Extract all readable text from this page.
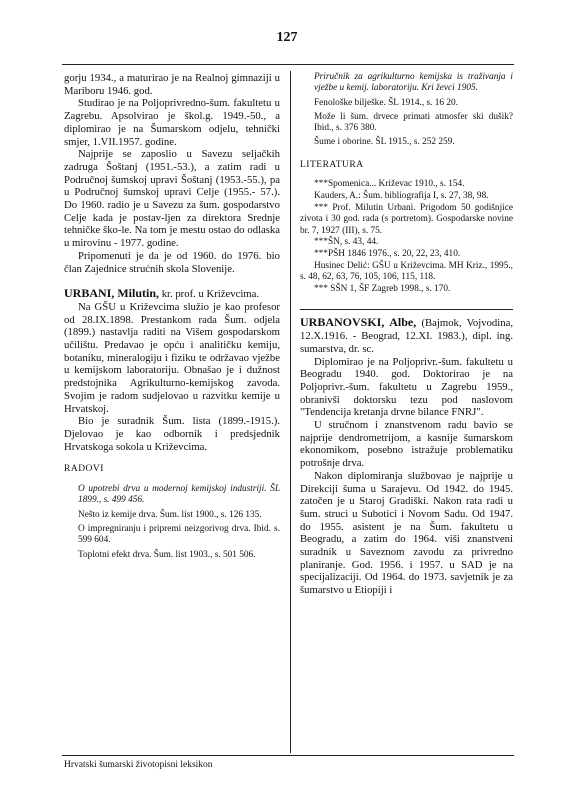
127

gorju 1934., a maturirao je na Realnoj gimnaziji u Mariboru 1946. god.

Studirao je na Poljoprivredno-šum. fakultetu u Zagrebu. Apsolvirao je škol.g. 1949.-50., a diplomirao je na Šumarskom odjelu, tehnički smjer, 1.VII.1957. godine.

Najprije se zaposlio u Savezu seljačkih zadruga Šoštanj (1951.-53.), a zatim radi u Područnoj šumskoj upravi Šoštanj (1953.-55.), pa u Područnoj šumskoj upravi Celje (1955.- 57.). Do 1960. radio je u Savezu za šum. gospodarstvo Celje kada je postav-ljen za direktora Srednje tehničke ško-le. Na tom je mestu ostao do odlaska u mirovinu - 1977. godine.

Pripomenuti je da je od 1960. do 1976. bio član Zajednice strućnih skola Slovenije.

URBANI, Milutin, kr. prof. u Križevcima.

Na GŠU u Križevcima služio je kao profesor od 28.IX.1898. Prestankom rada Šum. odjela (1899.) nastavlja raditi na Višem gospodarskom učilištu. Predavao je opću i analitičku kemiju, botaniku, mineralogiju i fiziku te održavao vježbe u kemijskom laboratoriju. Obnašao je i dužnost predstojnika Agrikulturno-kemijskog zavoda. Svojim je radom sudjelovao u razvitku kemije u Hrvatskoj.

Bio je suradnik Šum. lista (1899.-1915.). Djelovao je kao odbornik i predsjednik Hrvatskoga sokola u Križevcima.

RADOVI

O upotrebi drva u modernoj kemijskoj industriji. ŠL 1899., s. 499 456.

Nešto iz kemije drva. Šum. list 1900., s. 126 135.

O impregniranju i pripremi neizgorivog drva. Ibid. s. 599 604.

Toplotni efekt drva. Šum. list 1903., s. 501 506.

Priručnik za agrikulturno kemijska is traživanja i vježbe u kemij. laboratoriju. Kri ževci 1905.

Fenološke bilješke. ŠL 1914., s. 16 20.

Može li šum. drvece primati atmosfer ski dušik? Ibid., s. 376 380.

Šume i oborine. ŠL 1915., s. 252 259.

LITERATURA

***Spomenica... Križevac 1910., s. 154.

Kauders, A.: Šum. bibliografija I, s. 27, 38, 98.

*** Prof. Milutin Urbani. Prigodom 50 godišnjice zivota i 30 god. rada (s portretom). Gospodarske novine br. 7, 1927 (III), s. 75.

***ŠN, s. 43, 44.

***PŠH 1846 1976., s. 20, 22, 23, 410.

Husinec Delić: GŠU u Križevcima. MH Kriz., 1995., s. 48, 62, 63, 76, 105, 106, 115, 118.

*** SŠN 1, ŠF Zagreb 1998., s. 170.

URBANOVSKI, Albe, (Bajmok, Vojvodina, 12.X.1916. - Beograd, 12.XI. 1983.), dipl. ing. sumarstva, dr. sc.

Diplomirao je na Poljoprivr.-šum. fakultetu u Beogradu 1940. god. Doktorirao je na Poljoprivr.-šum. fakultetu u Zagrebu 1959., obranivši doktorsku tezu pod naslovom "Tendencija kretanja drvne bilance FNRJ".

U stručnom i znanstvenom radu bavio se najprije dendrometrijom, a kasnije šumarskom ekonomikom, posebno istražuje problematiku potrošnje drva.

Nakon diplomiranja službovao je najprije u Direkciji šuma u Sarajevu. Od 1942. do 1945. zatočen je u Staroj Gradiški. Nakon rata radi u šum. struci u Subotici i Novom Sadu. Od 1947. do 1955. asistent je na Šum. fakultetu u Beogradu, a zatim do 1964. viši znanstveni suradnik u Saveznom zavodu za privredno planiranje. God. 1956. i 1957. u SAD je na specijalizaciji. Od 1964. do 1973. savjetnik je za šumarstvo u Etiopiji i

Hrvatski šumarski životopisni leksikon
